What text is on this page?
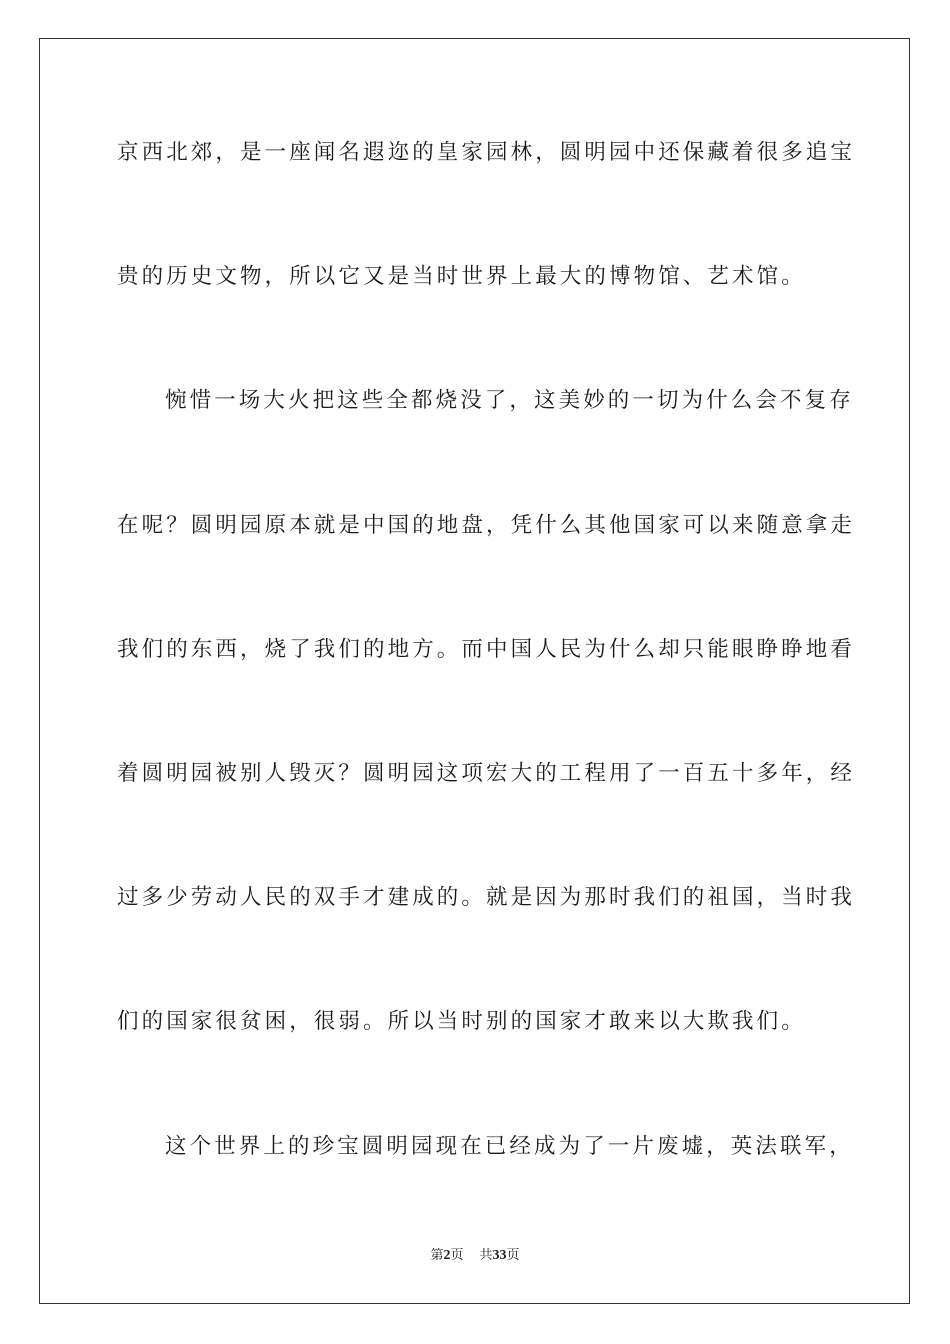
京西北郊，是一座闻名遐迩的皇家园林，圆明园中还保藏着很多追宝
贵的历史文物，所以它又是当时世界上最大的博物馆、艺术馆。
惋惜一场大火把这些全都烧没了，这美妙的一切为什么会不复存
在呢？圆明园原本就是中国的地盘，凭什么其他国家可以来随意拿走
我们的东西，烧了我们的地方。而中国人民为什么却只能眼睁睁地看
着圆明园被别人毁灭？圆明园这项宏大的工程用了一百五十多年，经
过多少劳动人民的双手才建成的。就是因为那时我们的祖国，当时我
们的国家很贫困，很弱。所以当时别的国家才敢来以大欺我们。
这个世界上的珍宝圆明园现在已经成为了一片废墟，英法联军，
第2页 共33页
